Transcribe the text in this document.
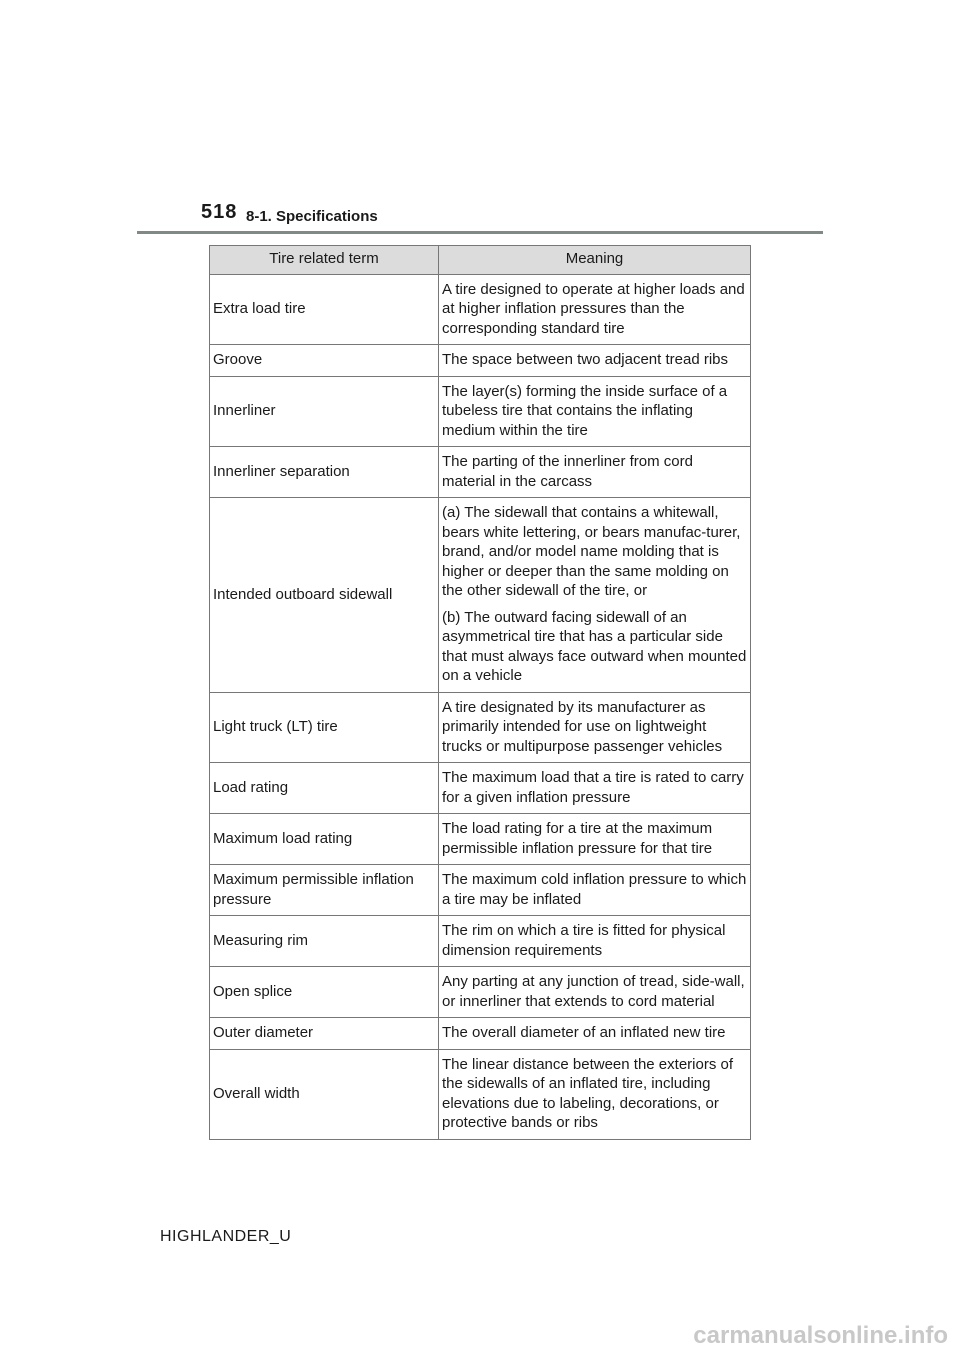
518 8-1. Specifications
Tire related term	Meaning
Extra load tire	A tire designed to operate at higher loads and at higher inflation pressures than the corresponding standard tire

Groove	The space between two adjacent tread ribs

Innerliner	The layer(s) forming the inside surface of a tubeless tire that contains the inflating medium within the tire

Innerliner separation	The parting of the innerliner from cord material in the carcass

Intended outboard sidewall	(a) The sidewall that contains a whitewall, bears white lettering, or bears manufac-turer, brand, and/or model name molding that is higher or deeper than the same molding on the other sidewall of the tire, or
(b) The outward facing sidewall of an asymmetrical tire that has a particular side that must always face outward when mounted on a vehicle

Light truck (LT) tire	A tire designated by its manufacturer as primarily intended for use on lightweight trucks or multipurpose passenger vehicles

Load rating	The maximum load that a tire is rated to carry for a given inflation pressure

Maximum load rating	The load rating for a tire at the maximum permissible inflation pressure for that tire

Maximum permissible inflation pressure	The maximum cold inflation pressure to which a tire may be inflated

Measuring rim	The rim on which a tire is fitted for physical dimension requirements

Open splice	Any parting at any junction of tread, side-wall, or innerliner that extends to cord material

Outer diameter	The overall diameter of an inflated new tire

Overall width	The linear distance between the exteriors of the sidewalls of an inflated tire, including elevations due to labeling, decorations, or protective bands or ribs
HIGHLANDER_U
carmanualsonline.info
